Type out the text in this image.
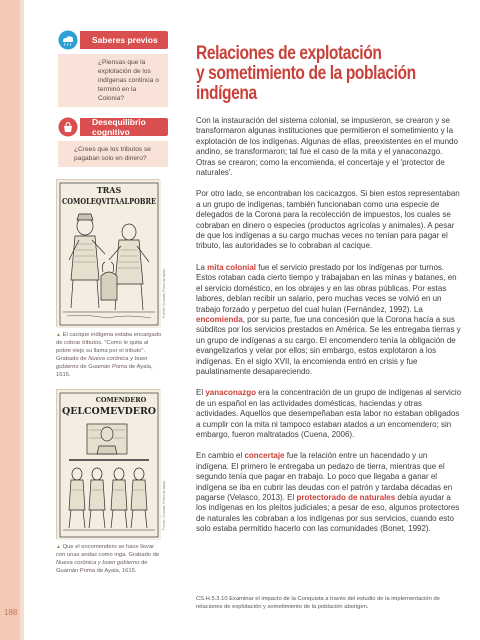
188
Saberes previos
¿Piensas que la explotación de los indígenas continúa o terminó en la Colonia?
Desequilibrio cognitivo
¿Crees que los tributos se pagaban solo en dinero?
TRAS
COMOLEQVITAALPOBRE
Fuente: Guaman Poma de Ayala
▲ El cacique indígena estaba encargado de cobrar tributos. "Como le quita al pobre viejo su llama por el tributo". Grabado de Nueva corónica y buen gobierno de Guamán Poma de Ayala, 1615.
COMENDERO
QELCOMEVDERO
Fuente: Guaman Poma de Ayala
▲ Que el encomendero se hace llevar con unas andas como inga. Grabado de Nueva corónica y buen gobierno de Guamán Poma de Ayala, 1615.
Relaciones de explotación
y sometimiento de la población
indígena

Con la instauración del sistema colonial, se impusieron, se crearon y se transformaron algunas instituciones que permitieron el sometimiento y la explotación de los indígenas. Algunas de ellas, preexistentes en el mundo andino, se transformaron; tal fue el caso de la mita y el yanaconazgo. Otras se crearon; como la encomienda, el concertaje y el 'protector de naturales'.

Por otro lado, se encontraban los cacicazgos. Si bien estos representaban a un grupo de indígenas, también funcionaban como una especie de delegados de la Corona para la recolección de impuestos, los cuales se cobraban en dinero o especies (productos agrícolas y animales). A pesar de que los indígenas a su cargo muchas veces no tenían para pagar el tributo, las autoridades se lo cobraban al cacique.

La mita colonial fue el servicio prestado por los indígenas por turnos. Estos rotaban cada cierto tiempo y trabajaban en las minas y batanes, en el servicio doméstico, en los obrajes y en las obras públicas. Por estas labores, debían recibir un salario, pero muchas veces se volvió en un trabajo forzado y perpetuo del cual huían (Fernández, 1992). La encomienda, por su parte, fue una concesión que la Corona hacía a sus súbditos por los servicios prestados en América. Se les entregaba tierras y un grupo de indígenas a su cargo. El encomendero tenía la obligación de evangelizarlos y velar por ellos; sin embargo, estos explotaron a los indígenas. En el siglo XVII, la encomienda entró en crisis y fue paulatinamente desapareciendo.

El yanaconazgo era la concentración de un grupo de indígenas al servicio de un español en las actividades domésticas, haciendas y otras actividades. Aquellos que desempeñaban esta labor no estaban obligados a cumplir con la mita ni tampoco estaban atados a un encomendero; sin embargo, fueron maltratados (Cuena, 2006).

En cambio el concertaje fue la relación entre un hacendado y un indígena. El primero le entregaba un pedazo de tierra, mientras que el segundo tenía que pagar en trabajo. Lo poco que llegaba a ganar el indígena se iba en cubrir las deudas con el patrón y tardaba décadas en pagarse (Velasco, 2013). El protectorado de naturales debía ayudar a los indígenas en los pleitos judiciales; a pesar de eso, algunos protectores de naturales les cobraban a los indígenas por sus servicios, cuando esto solo estaba permitido hacerlo con las comunidades (Bonet, 1992).

CS.H.5.3.10 Examinar el impacto de la Conquista a través del estudio de la implementación de relaciones de explotación y sometimiento de la población aborigen.
